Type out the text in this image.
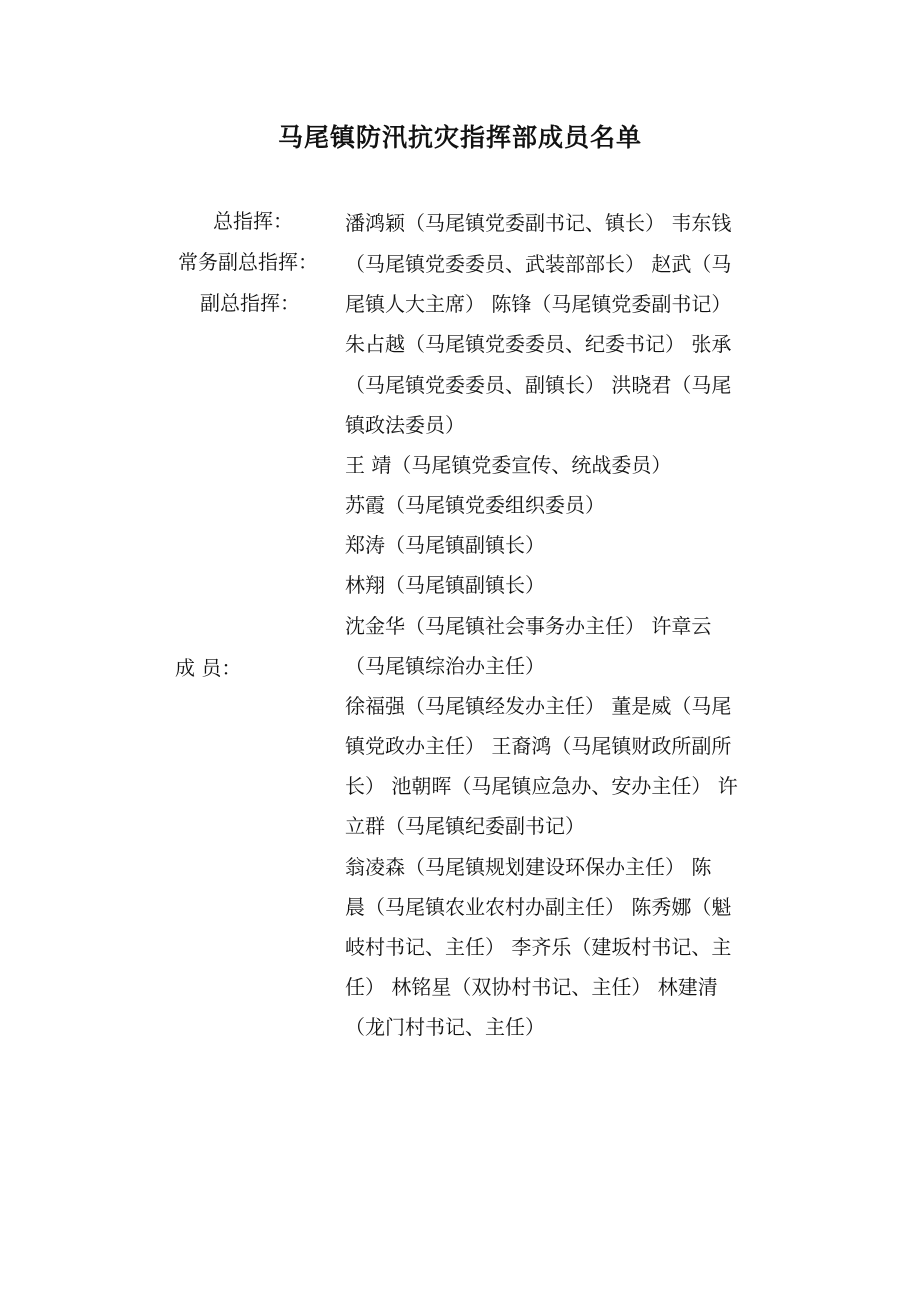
马尾镇防汛抗灾指挥部成员名单
总指挥：
常务副总指挥：
副总指挥：
成 员：
潘鸿颖（马尾镇党委副书记、镇长） 韦东钱
（马尾镇党委委员、武装部部长） 赵武（马
尾镇人大主席） 陈锋（马尾镇党委副书记）
朱占越（马尾镇党委委员、纪委书记） 张承
（马尾镇党委委员、副镇长） 洪晓君（马尾
镇政法委员）
王 靖（马尾镇党委宣传、统战委员）
苏霞（马尾镇党委组织委员）
郑涛（马尾镇副镇长）
林翔（马尾镇副镇长）
沈金华（马尾镇社会事务办主任） 许章云
（马尾镇综治办主任）
徐福强（马尾镇经发办主任） 董是威（马尾
镇党政办主任） 王裔鸿（马尾镇财政所副所
长） 池朝晖（马尾镇应急办、安办主任） 许
立群（马尾镇纪委副书记）
翁凌森（马尾镇规划建设环保办主任） 陈
晨（马尾镇农业农村办副主任） 陈秀娜（魁
岐村书记、主任） 李齐乐（建坂村书记、主
任） 林铭星（双协村书记、主任） 林建清
（龙门村书记、主任）
